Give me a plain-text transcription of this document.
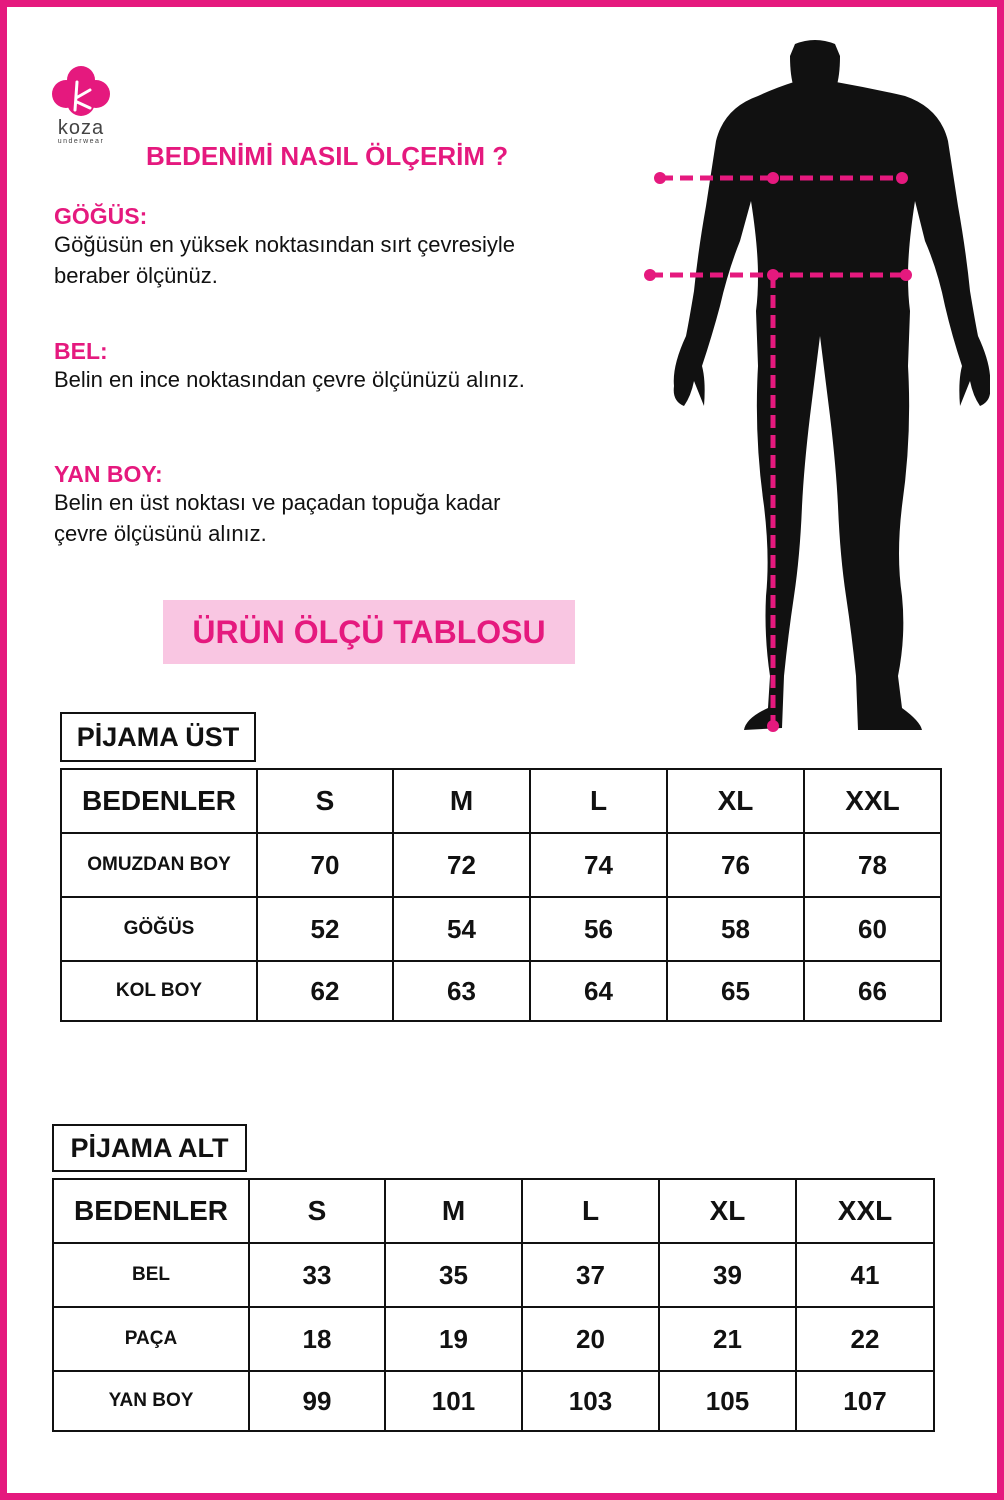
koza
underwear BEDENİMİ NASIL ÖLÇERİM ?
GÖĞÜS:
Göğüsün en yüksek noktasından sırt çevresiyle
beraber ölçünüz.
BEL:
Belin en ince noktasından çevre ölçünüzü alınız.
YAN BOY:
Belin en üst noktası ve paçadan topuğa kadar
çevre ölçüsünü alınız.
ÜRÜN ÖLÇÜ TABLOSU
PİJAMA ÜST
BEDENLER	S	M	L	XL	XXL
OMUZDAN BOY	70	72	74	76	78
GÖĞÜS	52	54	56	58	60
KOL BOY	62	63	64	65	66
PİJAMA ALT
BEDENLER	S	M	L	XL	XXL
BEL	33	35	37	39	41
PAÇA	18	19	20	21	22
YAN BOY	99	101	103	105	107
